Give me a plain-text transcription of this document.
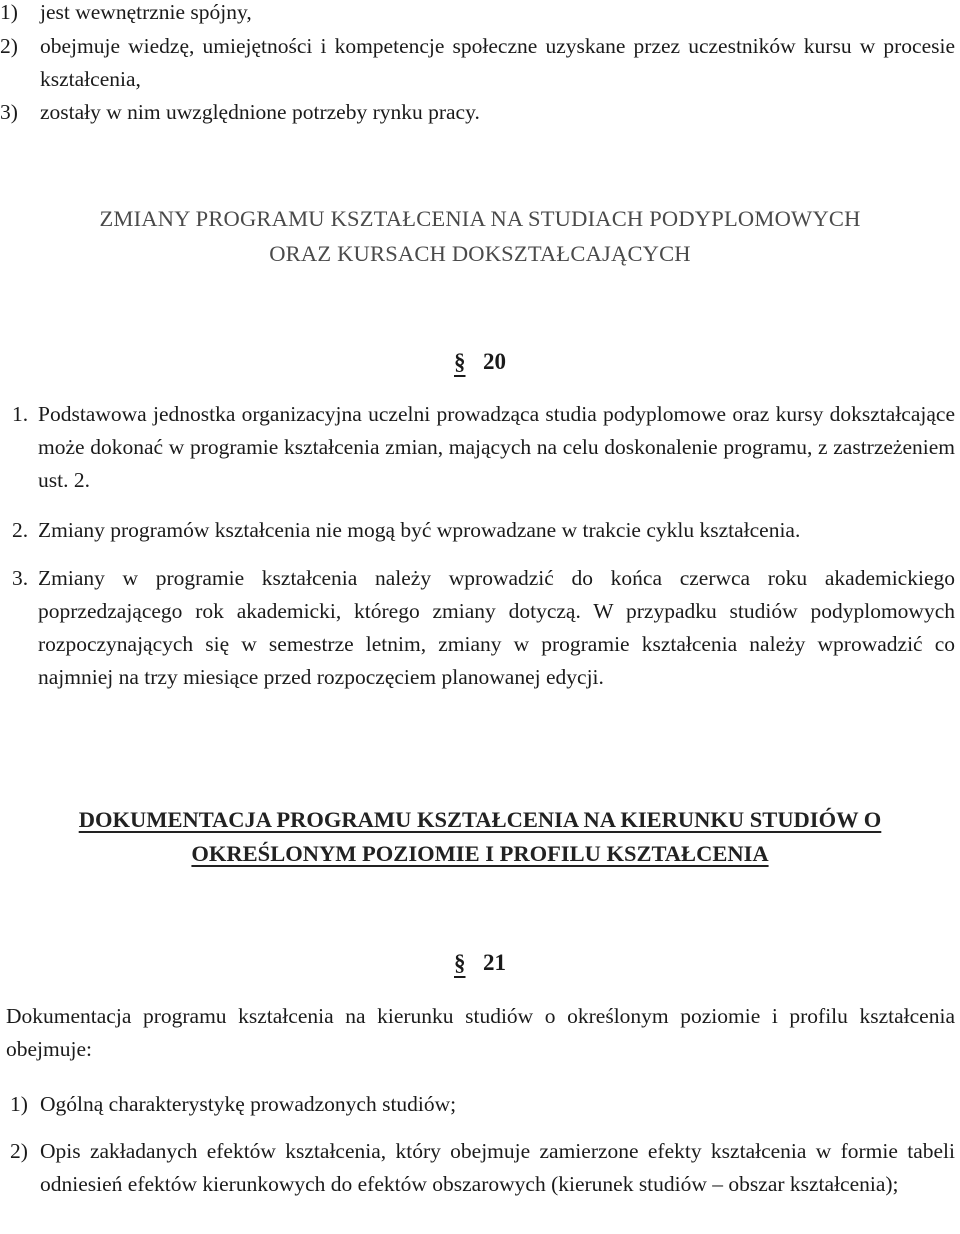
1)	jest wewnętrznie spójny,
2)	obejmuje wiedzę, umiejętności i kompetencje społeczne uzyskane przez uczestników kursu w procesie kształcenia,
3)	zostały w nim uwzględnione potrzeby rynku pracy.
ZMIANY PROGRAMU KSZTAŁCENIA NA STUDIACH PODYPLOMOWYCH
ORAZ KURSACH DOKSZTAŁCAJĄCYCH
§ 20
1. Podstawowa jednostka organizacyjna uczelni prowadząca studia podyplomowe oraz kursy dokształcające może dokonać w programie kształcenia zmian, mających na celu doskonalenie programu, z zastrzeżeniem ust. 2.
2. Zmiany programów kształcenia nie mogą być wprowadzane w trakcie cyklu kształcenia.
3. Zmiany w programie kształcenia należy wprowadzić do końca czerwca roku akademickiego poprzedzającego rok akademicki, którego zmiany dotyczą. W przypadku studiów podyplomowych rozpoczynających się w semestrze letnim, zmiany w programie kształcenia należy wprowadzić co najmniej na trzy miesiące przed rozpoczęciem planowanej edycji.
DOKUMENTACJA PROGRAMU KSZTAŁCENIA NA KIERUNKU STUDIÓW O
OKREŚLONYM POZIOMIE I PROFILU KSZTAŁCENIA
§ 21
Dokumentacja programu kształcenia na kierunku studiów o określonym poziomie i profilu kształcenia obejmuje:
1) Ogólną charakterystykę prowadzonych studiów;
2) Opis zakładanych efektów kształcenia, który obejmuje zamierzone efekty kształcenia w formie tabeli odniesień efektów kierunkowych do efektów obszarowych (kierunek studiów – obszar kształcenia);
